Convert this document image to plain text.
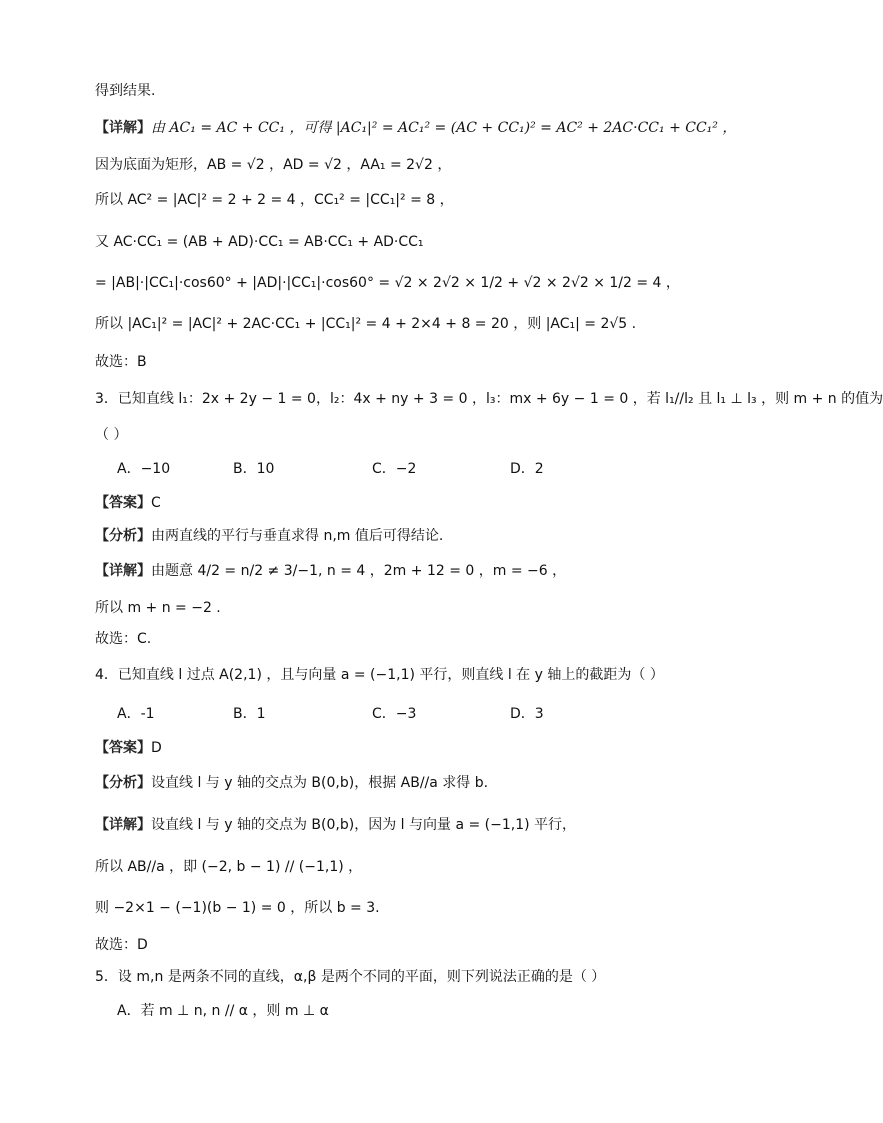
得到结果.
【详解】由 AC₁ = AC + CC₁ ，可得 |AC₁|² = AC₁² = (AC + CC₁)² = AC² + 2AC·CC₁ + CC₁² ，
因为底面为矩形，AB = √2 ，AD = √2 ，AA₁ = 2√2 ，
所以 AC² = |AC|² = 2 + 2 = 4 ，CC₁² = |CC₁|² = 8 ，
又 AC·CC₁ = (AB + AD)·CC₁ = AB·CC₁ + AD·CC₁
= |AB|·|CC₁|·cos60° + |AD|·|CC₁|·cos60° = √2 × 2√2 × 1/2 + √2 × 2√2 × 1/2 = 4 ，
所以 |AC₁|² = |AC|² + 2AC·CC₁ + |CC₁|² = 4 + 2×4 + 8 = 20 ，则 |AC₁| = 2√5 .
故选：B
3．已知直线 l₁：2x + 2y − 1 = 0，l₂：4x + ny + 3 = 0 ，l₃：mx + 6y − 1 = 0 ，若 l₁//l₂ 且 l₁ ⊥ l₃ ，则 m + n 的值为
（ ）
A．−10	B．10	C．−2	D．2
【答案】C
【分析】由两直线的平行与垂直求得 n,m 值后可得结论.
【详解】由题意 4/2 = n/2 ≠ 3/−1, n = 4 ，2m + 12 = 0 ，m = −6 ，
所以 m + n = −2 .
故选：C.
4．已知直线 l 过点 A(2,1) ，且与向量 a = (−1,1) 平行，则直线 l 在 y 轴上的截距为（ ）
A．-1	B．1	C．−3	D．3
【答案】D
【分析】设直线 l 与 y 轴的交点为 B(0,b)，根据 AB//a 求得 b.
【详解】设直线 l 与 y 轴的交点为 B(0,b)，因为 l 与向量 a = (−1,1) 平行，
所以 AB//a ，即 (−2, b − 1) // (−1,1) ，
则 −2×1 − (−1)(b − 1) = 0 ，所以 b = 3.
故选：D
5．设 m,n 是两条不同的直线，α,β 是两个不同的平面，则下列说法正确的是（ ）
A．若 m ⊥ n, n // α ，则 m ⊥ α
